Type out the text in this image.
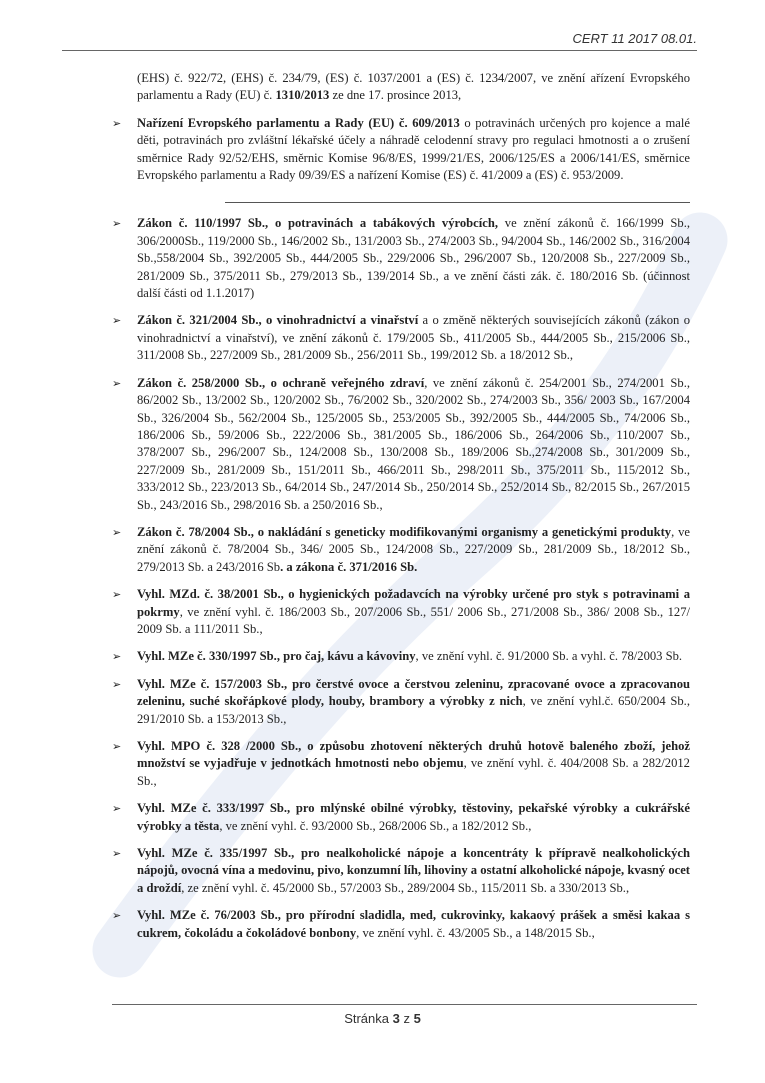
CERT 11 2017 08.01.
(EHS) č. 922/72, (EHS) č. 234/79, (ES) č. 1037/2001 a (ES) č. 1234/2007, ve znění ařízení Evropského parlamentu a Rady (EU) č. 1310/2013 ze dne 17. prosince 2013,
➢ Nařízení Evropského parlamentu a Rady (EU) č. 609/2013 o potravinách určených pro kojence a malé děti, potravinách pro zvláštní lékařské účely a náhradě celodenní stravy pro regulaci hmotnosti a o zrušení směrnice Rady 92/52/EHS, směrnic Komise 96/8/ES, 1999/21/ES, 2006/125/ES a 2006/141/ES, směrnice Evropského parlamentu a Rady 09/39/ES a nařízení Komise (ES) č. 41/2009 a (ES) č. 953/2009.
➢ Zákon č. 110/1997 Sb., o potravinách a tabákových výrobcích, ve znění zákonů č. 166/1999 Sb., 306/2000Sb., 119/2000 Sb., 146/2002 Sb., 131/2003 Sb., 274/2003 Sb., 94/2004 Sb., 146/2002 Sb., 316/2004 Sb.,558/2004 Sb., 392/2005 Sb., 444/2005 Sb., 229/2006 Sb., 296/2007 Sb., 120/2008 Sb., 227/2009 Sb., 281/2009 Sb., 375/2011 Sb., 279/2013 Sb., 139/2014 Sb., a ve znění části zák. č. 180/2016 Sb. (účinnost další části od 1.1.2017)
➢ Zákon č. 321/2004 Sb., o vinohradnictví a vinařství a o změně některých souvisejících zákonů (zákon o vinohradnictví a vinařství), ve znění zákonů č. 179/2005 Sb., 411/2005 Sb., 444/2005 Sb., 215/2006 Sb., 311/2008 Sb., 227/2009 Sb., 281/2009 Sb., 256/2011 Sb., 199/2012 Sb. a 18/2012 Sb.,
➢ Zákon č. 258/2000 Sb., o ochraně veřejného zdraví, ve znění zákonů č. 254/2001 Sb., 274/2001 Sb., 86/2002 Sb., 13/2002 Sb., 120/2002 Sb., 76/2002 Sb., 320/2002 Sb., 274/2003 Sb., 356/ 2003 Sb., 167/2004 Sb., 326/2004 Sb., 562/2004 Sb., 125/2005 Sb., 253/2005 Sb., 392/2005 Sb., 444/2005 Sb., 74/2006 Sb., 186/2006 Sb., 59/2006 Sb., 222/2006 Sb., 381/2005 Sb., 186/2006 Sb., 264/2006 Sb., 110/2007 Sb., 378/2007 Sb., 296/2007 Sb., 124/2008 Sb., 130/2008 Sb., 189/2006 Sb.,274/2008 Sb., 301/2009 Sb., 227/2009 Sb., 281/2009 Sb., 151/2011 Sb., 466/2011 Sb., 298/2011 Sb., 375/2011 Sb., 115/2012 Sb., 333/2012 Sb., 223/2013 Sb., 64/2014 Sb., 247/2014 Sb., 250/2014 Sb., 252/2014 Sb., 82/2015 Sb., 267/2015 Sb., 243/2016 Sb., 298/2016 Sb. a 250/2016 Sb.,
➢ Zákon č. 78/2004 Sb., o nakládání s geneticky modifikovanými organismy a genetickými produkty, ve znění zákonů č. 78/2004 Sb., 346/ 2005 Sb., 124/2008 Sb., 227/2009 Sb., 281/2009 Sb., 18/2012 Sb., 279/2013 Sb. a 243/2016 Sb. a zákona č. 371/2016 Sb.
➢ Vyhl. MZd. č. 38/2001 Sb., o hygienických požadavcích na výrobky určené pro styk s potravinami a pokrmy, ve znění vyhl. č. 186/2003 Sb., 207/2006 Sb., 551/ 2006 Sb., 271/2008 Sb., 386/ 2008 Sb., 127/ 2009 Sb. a 111/2011 Sb.,
➢ Vyhl. MZe č. 330/1997 Sb., pro čaj, kávu a kávoviny, ve znění vyhl. č. 91/2000 Sb. a vyhl. č. 78/2003 Sb.
➢ Vyhl. MZe č. 157/2003 Sb., pro čerstvé ovoce a čerstvou zeleninu, zpracované ovoce a zpracovanou zeleninu, suché skořápkové plody, houby, brambory a výrobky z nich, ve znění vyhl.č. 650/2004 Sb., 291/2010 Sb. a 153/2013 Sb.,
➢ Vyhl. MPO č. 328 /2000 Sb., o způsobu zhotovení některých druhů hotově baleného zboží, jehož množství se vyjadřuje v jednotkách hmotnosti nebo objemu, ve znění vyhl. č. 404/2008 Sb. a 282/2012 Sb.,
➢ Vyhl. MZe č. 333/1997 Sb., pro mlýnské obilné výrobky, těstoviny, pekařské výrobky a cukrářské výrobky a těsta, ve znění vyhl. č. 93/2000 Sb., 268/2006 Sb., a 182/2012 Sb.,
➢ Vyhl. MZe č. 335/1997 Sb., pro nealkoholické nápoje a koncentráty k přípravě nealkoholických nápojů, ovocná vína a medovinu, pivo, konzumní líh, lihoviny a ostatní alkoholické nápoje, kvasný ocet a droždí, ze znění vyhl. č. 45/2000 Sb., 57/2003 Sb., 289/2004 Sb., 115/2011 Sb. a 330/2013 Sb.,
➢ Vyhl. MZe č. 76/2003 Sb., pro přírodní sladidla, med, cukrovinky, kakaový prášek a směsi kakaa s cukrem, čokoládu a čokoládové bonbony, ve znění vyhl. č. 43/2005 Sb., a 148/2015 Sb.,
Stránka 3 z 5
